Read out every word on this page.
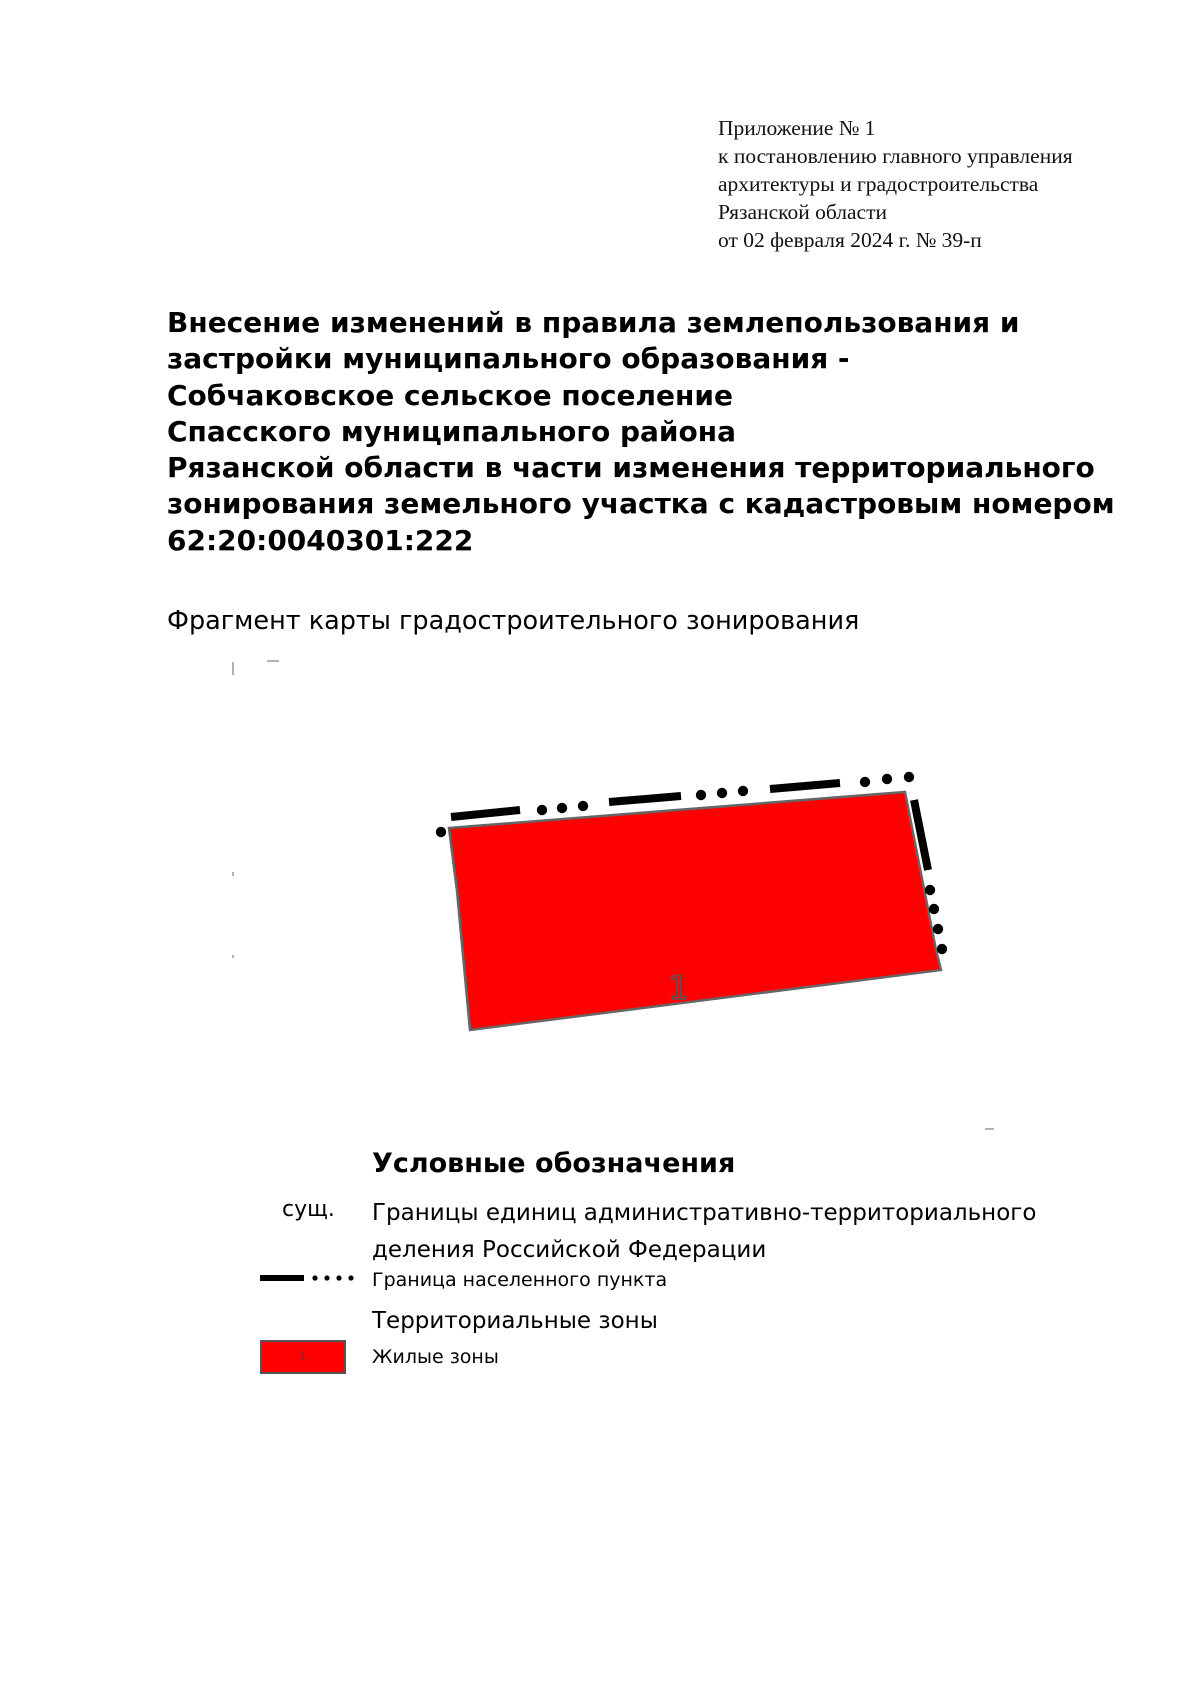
Приложение № 1
к постановлению главного управления
архитектуры и градостроительства
Рязанской области
от 02 февраля 2024 г. № 39-п
Внесение изменений в правила землепользования и
застройки муниципального образования -
Собчаковское сельское поселение
Спасского муниципального района
Рязанской области в части изменения территориального
зонирования земельного участка с кадастровым номером
62:20:0040301:222
Фрагмент карты градостроительного зонирования
1
Условные обозначения
сущ. Границы единиц административно-территориального
деления Российской Федерации
Граница населенного пункта
Территориальные зоны
1	Жилые зоны
